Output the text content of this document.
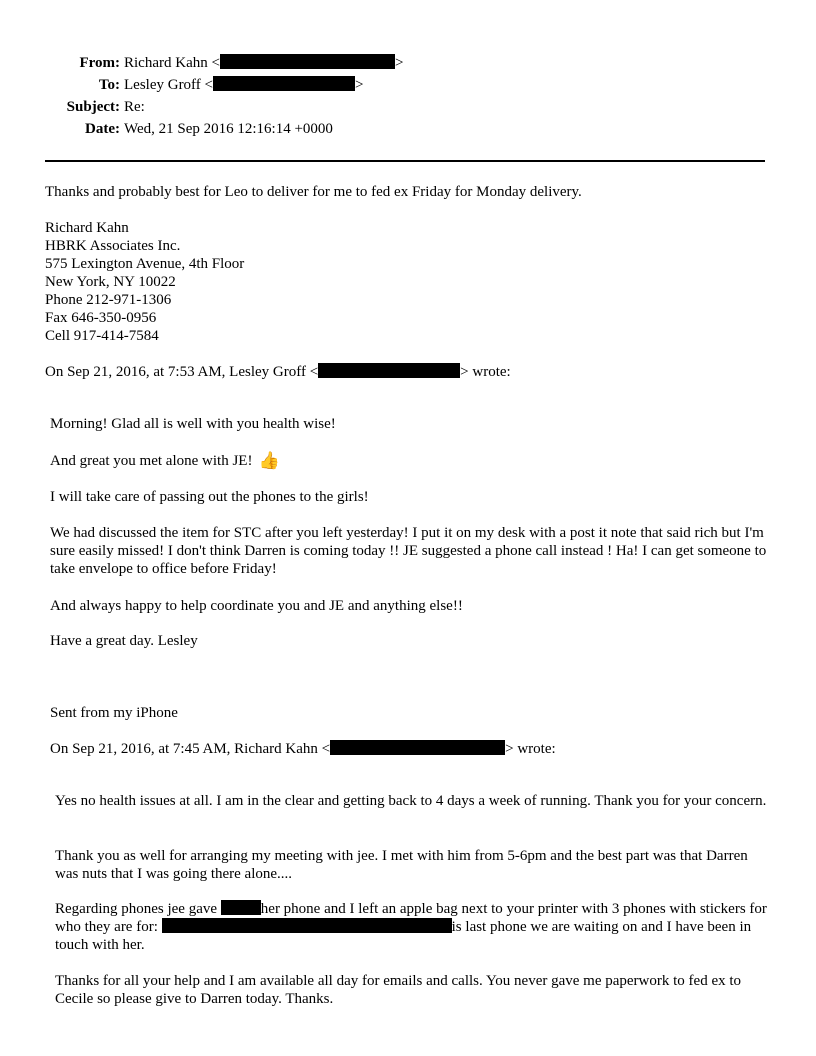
From: Richard Kahn <	>
To: Lesley Groff <	>
Subject: Re:
Date: Wed, 21 Sep 2016 12:16:14 +0000
Thanks and probably best for Leo to deliver for me to fed ex Friday for Monday delivery.
Richard Kahn
HBRK Associates Inc.
575 Lexington Avenue, 4th Floor
New York, NY 10022
Phone 212-971-1306
Fax 646-350-0956
Cell 917-414-7584
On Sep 21, 2016, at 7:53 AM, Lesley Groff <	> wrote:
Morning! Glad all is well with you health wise!
And great you met alone with JE! 👍
I will take care of passing out the phones to the girls!
We had discussed the item for STC after you left yesterday! I put it on my desk with a post it note that said rich but I'm sure easily missed! I don't think Darren is coming today !! JE suggested a phone call instead ! Ha! I can get someone to take envelope to office before Friday!
And always happy to help coordinate you and JE and anything else!!
Have a great day. Lesley
Sent from my iPhone
On Sep 21, 2016, at 7:45 AM, Richard Kahn <	> wrote:
Yes no health issues at all. I am in the clear and getting back to 4 days a week of running. Thank you for your concern.
Thank you as well for arranging my meeting with jee. I met with him from 5-6pm and the best part was that Darren was nuts that I was going there alone....
Regarding phones jee gave	her phone and I left an apple bag next to your printer with 3 phones with stickers for who they are for:	is last phone we are waiting on and I have been in touch with her.
Thanks for all your help and I am available all day for emails and calls. You never gave me paperwork to fed ex to Cecile so please give to Darren today. Thanks.
